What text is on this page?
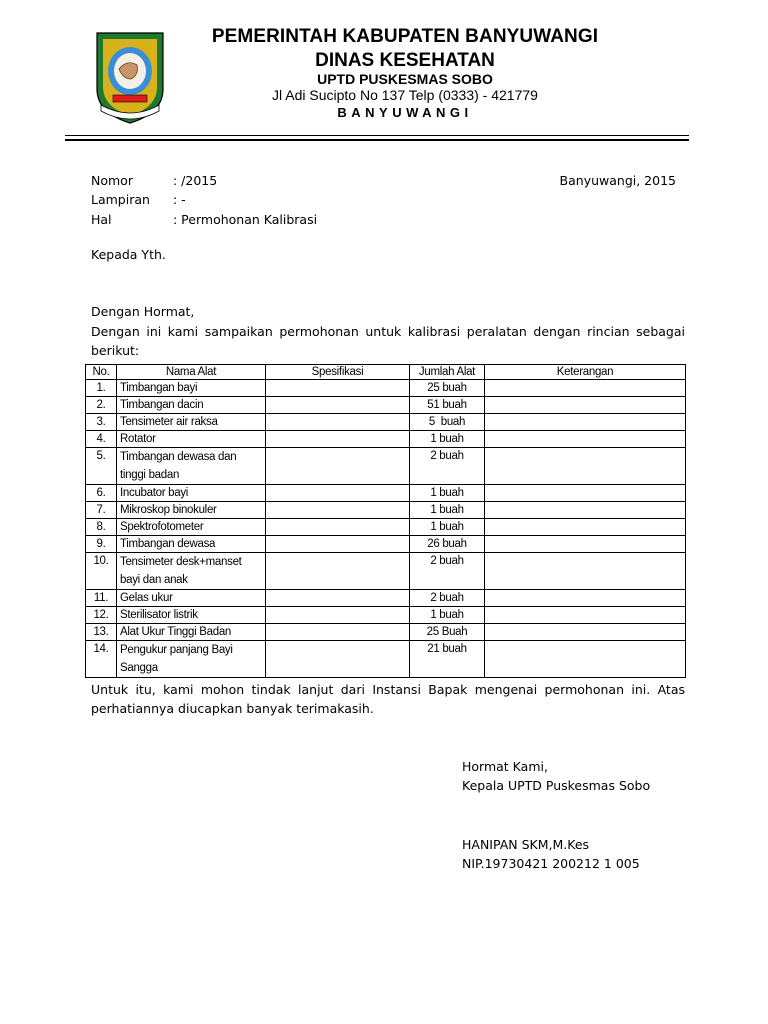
PEMERINTAH KABUPATEN BANYUWANGI
DINAS KESEHATAN
UPTD PUSKESMAS SOBO
Jl Adi Sucipto No 137 Telp (0333) - 421779
BANYUWANGI
Nomor	: /2015	Banyuwangi, 2015
Lampiran : -
Hal	: Permohonan Kalibrasi
Kepada Yth.
Dengan Hormat,
Dengan ini kami sampaikan permohonan untuk kalibrasi peralatan dengan rincian sebagai berikut:
No.	Nama Alat	Spesifikasi	Jumlah Alat	Keterangan
1.	Timbangan bayi		25 buah	
2.	Timbangan dacin		51 buah	
3.	Tensimeter air raksa		5  buah	
4.	Rotator		1 buah	
5.	Timbangan dewasa dan tinggi badan		2 buah	
6.	Incubator bayi		1 buah	
7.	Mikroskop binokuler		1 buah	
8.	Spektrofotometer		1 buah	
9.	Timbangan dewasa		26 buah	
10.	Tensimeter desk+manset bayi dan anak		2 buah	
11.	Gelas ukur		2 buah	
12.	Sterilisator listrik		1 buah	
13.	Alat Ukur Tinggi Badan		25 Buah	
14.	Pengukur panjang Bayi Sangga		21 buah	
Untuk itu, kami mohon tindak lanjut dari Instansi Bapak mengenai permohonan ini. Atas perhatiannya diucapkan banyak terimakasih.
Hormat Kami,
Kepala UPTD Puskesmas Sobo
HANIPAN SKM,M.Kes
NIP.19730421 200212 1 005
